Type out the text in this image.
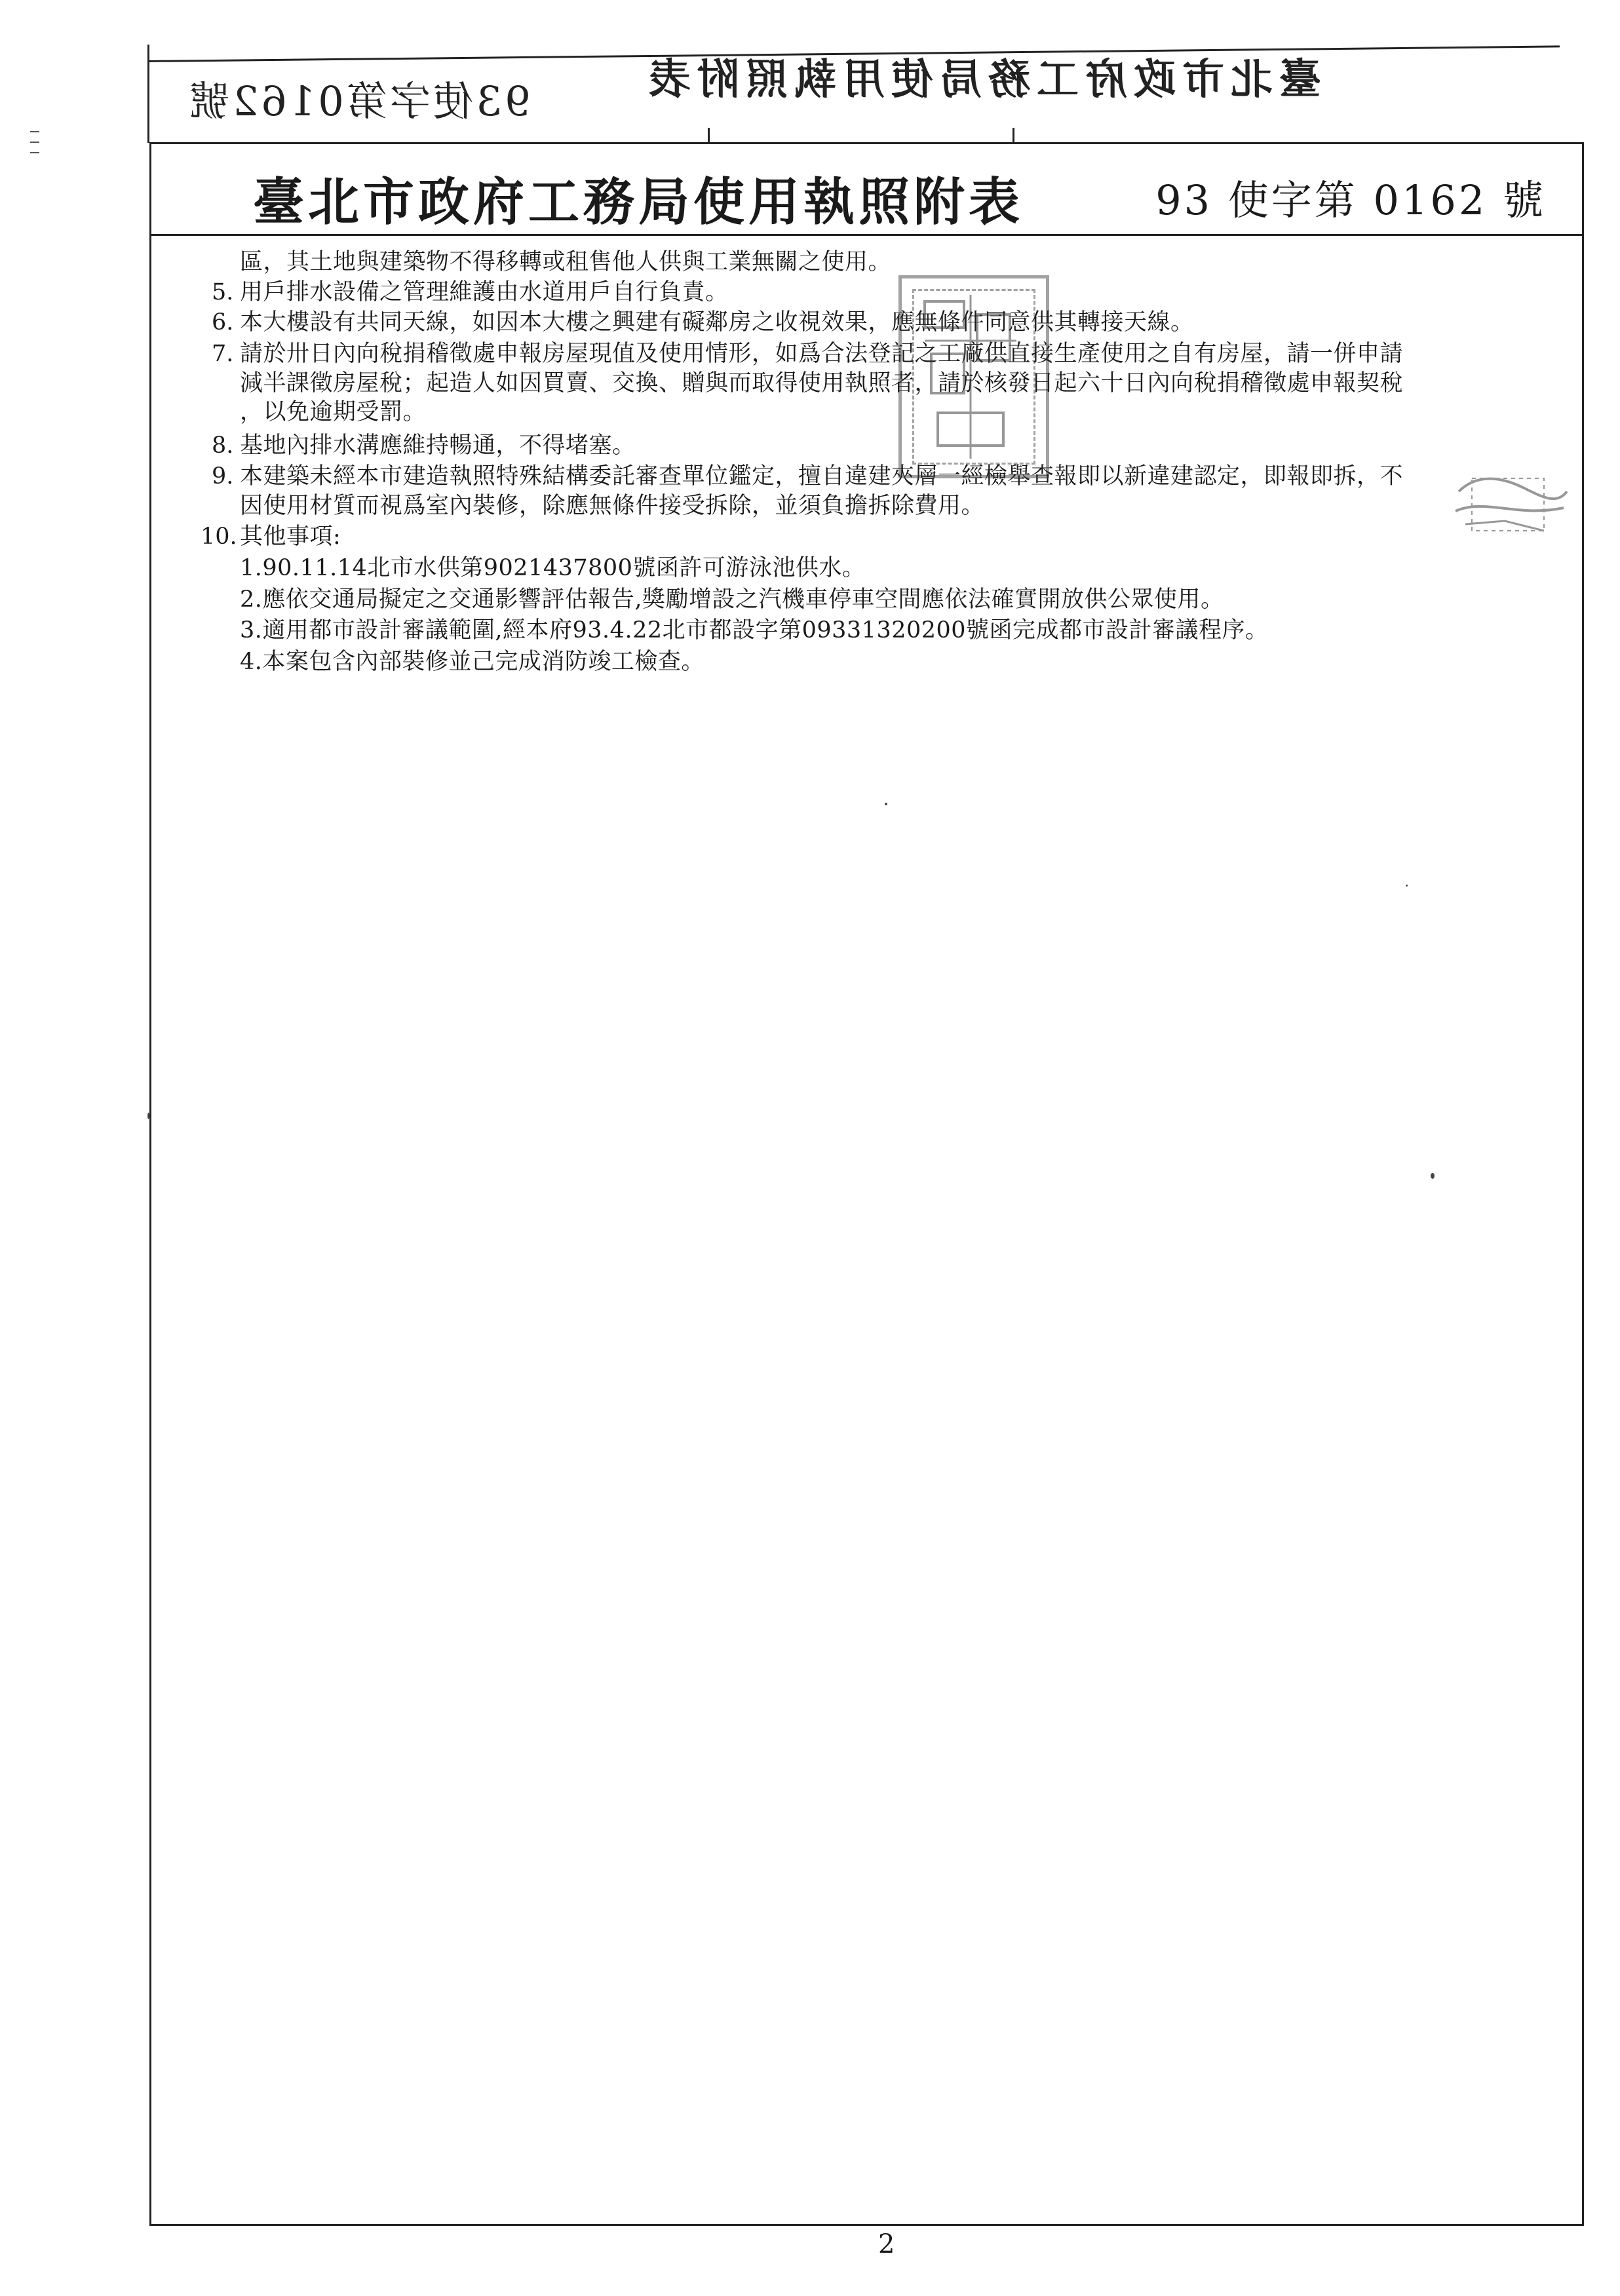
93使字第0162號	臺北市政府工務局使用執照附表
臺北市政府工務局使用執照附表	93 使字第 0162 號
區，其土地與建築物不得移轉或租售他人供與工業無關之使用。
5. 用戶排水設備之管理維護由水道用戶自行負責。
6. 本大樓設有共同天線，如因本大樓之興建有礙鄰房之收視效果，應無條件同意供其轉接天線。
7. 請於卅日內向稅捐稽徵處申報房屋現值及使用情形，如爲合法登記之工廠供直接生產使用之自有房屋，請一併申請
減半課徵房屋稅；起造人如因買賣、交換、贈與而取得使用執照者，請於核發日起六十日內向稅捐稽徵處申報契稅
，以免逾期受罰。
8. 基地內排水溝應維持暢通，不得堵塞。
9. 本建築未經本市建造執照特殊結構委託審查單位鑑定，擅自違建夾層一經檢舉查報即以新違建認定，即報即拆，不
因使用材質而視爲室內裝修，除應無條件接受拆除，並須負擔拆除費用。
10. 其他事項:
1.90.11.14北市水供第9021437800號函許可游泳池供水。
2.應依交通局擬定之交通影響評估報告,獎勵增設之汽機車停車空間應依法確實開放供公眾使用。
3.適用都市設計審議範圍,經本府93.4.22北市都設字第09331320200號函完成都市設計審議程序。
4.本案包含內部裝修並己完成消防竣工檢查。
2
